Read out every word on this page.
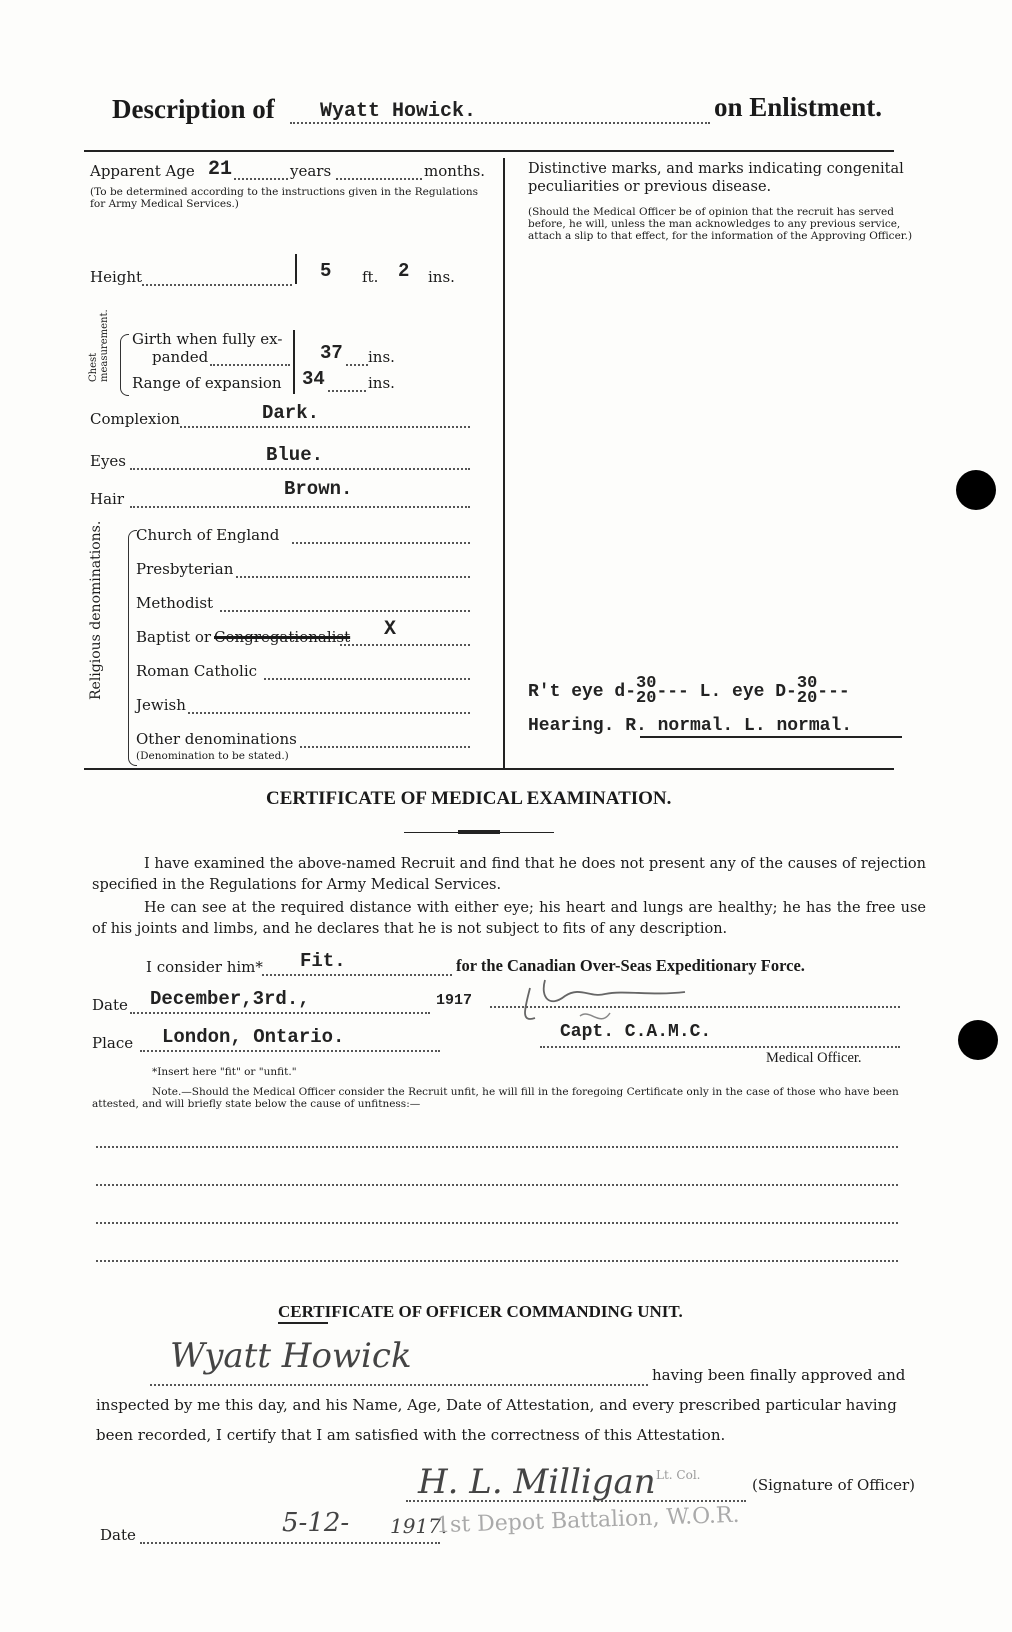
Description of Wyatt Howick.	on Enlistment.
Apparent Age 21	years	months.
(To be determined according to the instructions given in the Regulations for Army Medical Services.)
Height	5 ft. 2 ins.
Chest measurement. Girth when fully ex-
panded	37 ins.
Range of expansion 34	ins.
Complexion	Dark.
Eyes	Blue.
Hair	Brown.
Religious denominations. Church of England
Presbyterian
Methodist
Baptist or Congregationalist X
Roman Catholic
Jewish
Other denominations
(Denomination to be stated.)
Distinctive marks, and marks indicating congenital peculiarities or previous disease.
(Should the Medical Officer be of opinion that the recruit has served before, he will, unless the man acknowledges to any previous service, attach a slip to that effect, for the information of the Approving Officer.)
R't eye d-30
20--- L. eye D-30
20---
Hearing. R. normal. L. normal.
CERTIFICATE OF MEDICAL EXAMINATION.
I have examined the above-named Recruit and find that he does not present any of the causes of rejection specified in the Regulations for Army Medical Services.
He can see at the required distance with either eye; his heart and lungs are healthy; he has the free use of his joints and limbs, and he declares that he is not subject to fits of any description.
I consider him* Fit.	for the Canadian Over-Seas Expeditionary Force.
Date December,3rd.,	1917
Place London, Ontario.	Capt. C.A.M.C.
Medical Officer.
*Insert here "fit" or "unfit."
Note.—Should the Medical Officer consider the Recruit unfit, he will fill in the foregoing Certificate only in the case of those who have been attested, and will briefly state below the cause of unfitness:—
CERTIFICATE OF OFFICER COMMANDING UNIT.
Wyatt Howick	having been finally approved and
inspected by me this day, and his Name, Age, Date of Attestation, and every prescribed particular having
been recorded, I certify that I am satisfied with the correctness of this Attestation.
H. L. Milligan Lt. Col.
(Signature of Officer)
Date	5-12- 1917.
1st Depot Battalion, W.O.R.
